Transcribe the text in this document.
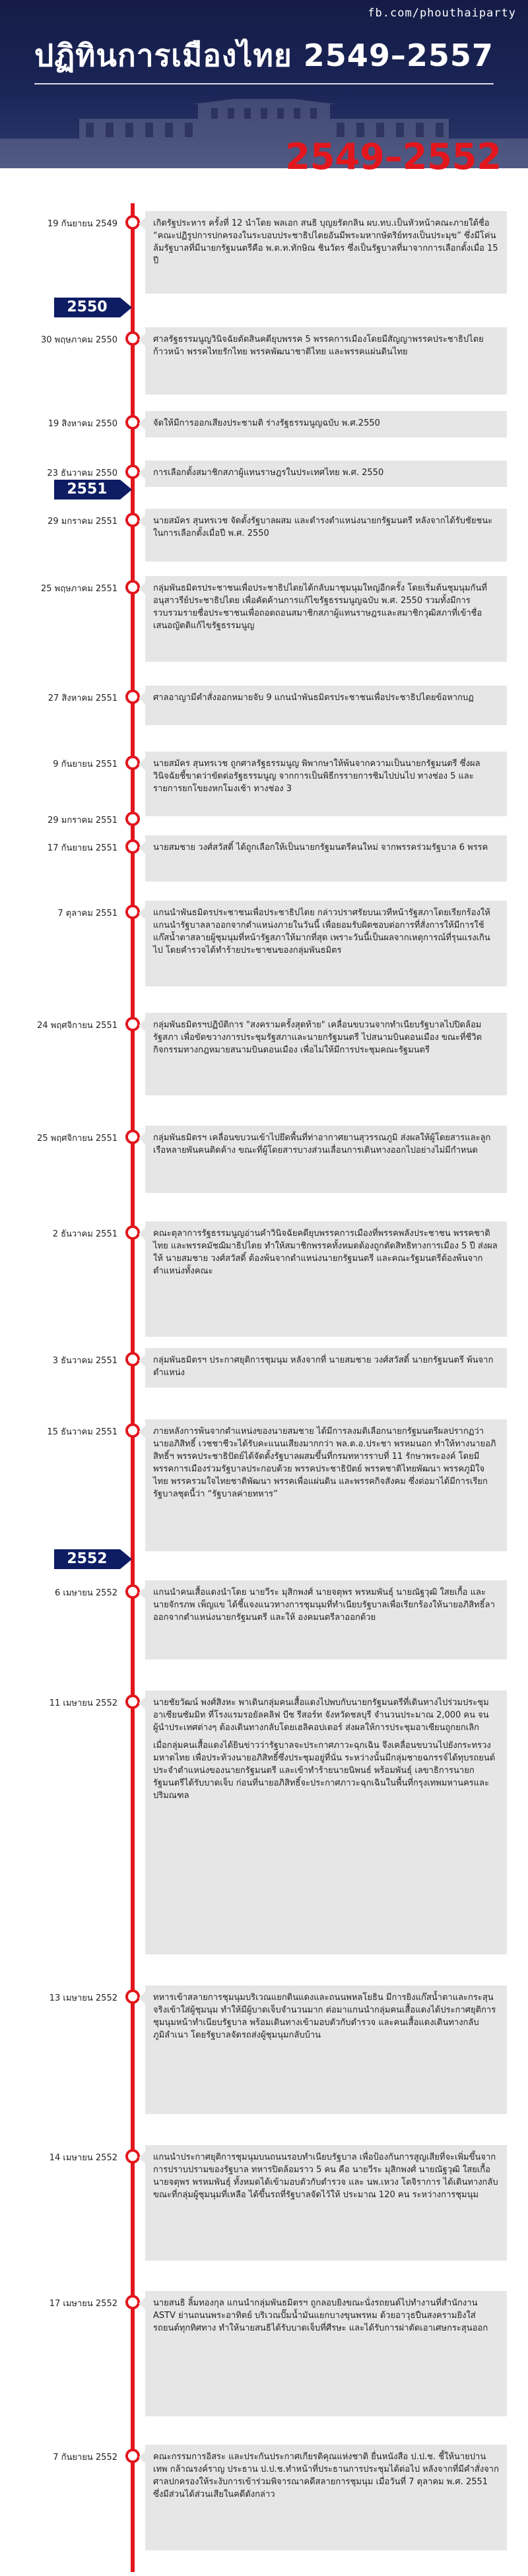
fb.com/phouthaiparty
ปฏิทินการเมืองไทย 2549–2557
2549–2552
2550
2551
2552
19 กันยายน 2549	เกิดรัฐประหาร ครั้งที่ 12 นำโดย พลเอก สนธิ บุญยรัตกลิน ผบ.ทบ.เป็นหัวหน้าคณะภายใต้ชื่อ “คณะปฏิรูปการปกครองในระบอบประชาธิปไตยอันมีพระมหากษัตริย์ทรงเป็นประมุข” ซึ่งมีโค่นล้มรัฐบาลที่มีนายกรัฐมนตรีคือ พ.ต.ท.ทักษิณ ชินวัตร ซึ่งเป็นรัฐบาลที่มาจากการเลือกตั้งเมื่อ 15 ปี

30 พฤษภาคม 2550	ศาลรัฐธรรมนูญวินิจฉัยตัดสินคดียุบพรรค 5 พรรคการเมืองโดยมีสัญญาพรรคประชาธิปไตยก้าวหน้า พรรคไทยรักไทย พรรคพัฒนาชาติไทย และพรรคแผ่นดินไทย

19 สิงหาคม 2550	จัดให้มีการออกเสียงประชามติ ร่างรัฐธรรมนูญฉบับ พ.ศ.2550

23 ธันวาคม 2550	การเลือกตั้งสมาชิกสภาผู้แทนราษฎรในประเทศไทย พ.ศ. 2550

29 มกราคม 2551	นายสมัคร สุนทรเวช จัดตั้งรัฐบาลผสม และดำรงตำแหน่งนายกรัฐมนตรี หลังจากได้รับชัยชนะในการเลือกตั้งเมื่อปี พ.ศ. 2550

25 พฤษภาคม 2551	กลุ่มพันธมิตรประชาชนเพื่อประชาธิปไตยได้กลับมาชุมนุมใหญ่อีกครั้ง โดยเริ่มต้นชุมนุมกันที่อนุสาวรีย์ประชาธิปไตย เพื่อคัดค้านการแก้ไขรัฐธรรมนูญฉบับ พ.ศ. 2550 รวมทั้งมีการรวบรวมรายชื่อประชาชนเพื่อถอดถอนสมาชิกสภาผู้แทนราษฎรและสมาชิกวุฒิสภาที่เข้าชื่อเสนอญัตติแก้ไขรัฐธรรมนูญ

27 สิงหาคม 2551	ศาลอาญามีคำสั่งออกหมายจับ 9 แกนนำพันธมิตรประชาชนเพื่อประชาธิปไตยข้อหากบฏ

9 กันยายน 2551	นายสมัคร สุนทรเวช ถูกศาลรัฐธรรมนูญ พิพากษาให้พ้นจากความเป็นนายกรัฐมนตรี ซึ่งผลวินิจฉัยชี้ขาดว่าขัดต่อรัฐธรรมนูญ จากการเป็นพิธีกรรายการชิมไปบ่นไป ทางช่อง 5 และรายการยกโขยงหกโมงเช้า ทางช่อง 3

29 มกราคม 2551
17 กันยายน 2551	นายสมชาย วงศ์สวัสดิ์ ได้ถูกเลือกให้เป็นนายกรัฐมนตรีคนใหม่ จากพรรคร่วมรัฐบาล 6 พรรค

7 ตุลาคม 2551	แกนนำพันธมิตรประชาชนเพื่อประชาธิปไตย กล่าวปราศรัยบนเวทีหน้ารัฐสภาโดยเรียกร้องให้แกนนำรัฐบาลลาออกจากตำแหน่งภายในวันนี้ เพื่อยอมรับผิดชอบต่อการที่สั่งการให้มีการใช้แก๊สน้ำตาสลายผู้ชุมนุมที่หน้ารัฐสภาให้มากที่สุด เพราะวันนี้เป็นผลจากเหตุการณ์ที่รุนแรงเกินไป โดยคำรวจได้ทำร้ายประชาชนของกลุ่มพันธมิตร

24 พฤศจิกายน 2551	กลุ่มพันธมิตรฯปฏิบัติการ "สงครามครั้งสุดท้าย" เคลื่อนขบวนจากทำเนียบรัฐบาลไปปิดล้อมรัฐสภา เพื่อขัดขวางการประชุมรัฐสภาและนายกรัฐมนตรี ไปสนามบินดอนเมือง ขณะที่ชีวิต กิจกรรมทางกฎหมายสนามบินดอนเมือง เพื่อไม่ให้มีการประชุมคณะรัฐมนตรี

25 พฤศจิกายน 2551	กลุ่มพันธมิตรฯ เคลื่อนขบวนเข้าไปยึดพื้นที่ท่าอากาศยานสุวรรณภูมิ ส่งผลให้ผู้โดยสารและลูกเรือหลายพันคนติดค้าง ขณะที่ผู้โดยสารบางส่วนเลื่อนการเดินทางออกไปอย่างไม่มีกำหนด

2 ธันวาคม 2551	คณะตุลาการรัฐธรรมนูญอ่านคำวินิจฉัยคดียุบพรรคการเมืองที่พรรคพลังประชาชน พรรคชาติไทย และพรรคมัชฌิมาธิปไตย ทำให้สมาชิกพรรคทั้งหมดต้องถูกตัดสิทธิทางการเมือง 5 ปี ส่งผลให้ นายสมชาย วงศ์สวัสดิ์ ต้องพ้นจากตำแหน่งนายกรัฐมนตรี และคณะรัฐมนตรีต้องพ้นจากตำแหน่งทั้งคณะ

3 ธันวาคม 2551	กลุ่มพันธมิตรฯ ประกาศยุติการชุมนุม หลังจากที่ นายสมชาย วงศ์สวัสดิ์ นายกรัฐมนตรี พ้นจากตำแหน่ง

15 ธันวาคม 2551	ภายหลังการพ้นจากตำแหน่งของนายสมชาย ได้มีการลงมติเลือกนายกรัฐมนตรีผลปรากฏว่านายอภิสิทธิ์ เวชชาชีวะได้รับคะแนนเสียงมากกว่า พล.ต.อ.ประชา พรหมนอก ทำให้ทางนายอภิสิทธิ์ฯ พรรคประชาธิปัตย์ได้จัดตั้งรัฐบาลผสมขึ้นที่กรมทหารราบที่ 11 รักษาพระองค์ โดยมีพรรคการเมืองร่วมรัฐบาลประกอบด้วย พรรคประชาธิปัตย์ พรรคชาติไทยพัฒนา พรรคภูมิใจไทย พรรครวมใจไทยชาติพัฒนา พรรคเพื่อแผ่นดิน และพรรคกิจสังคม ซึ่งต่อมาได้มีการเรียกรัฐบาลชุดนี้ว่า “รัฐบาลค่ายทหาร”

6 เมษายน 2552	แกนนำคนเสื้อแดงนำโดย นายวีระ มุสิกพงศ์ นายจตุพร พรหมพันธุ์ นายณัฐวุฒิ ใสยเกื้อ และนายจักรภพ เพ็ญแข ได้ชี้แจงแนวทางการชุมนุมที่ทำเนียบรัฐบาลเพื่อเรียกร้องให้นายอภิสิทธิ์ลาออกจากตำแหน่งนายกรัฐมนตรี และให้ องคมนตรีลาออกด้วย

11 เมษายน 2552	นายชัยวัฒน์ พงศ์สิงหะ พาเดินกลุ่มคนเสื้อแดงไปพบกับนายกรัฐมนตรีที่เดินทางไปร่วมประชุมอาเซียนซัมมิท ที่โรงแรมรอยัลคลิฟ บีช รีสอร์ท จังหวัดชลบุรี จำนวนประมาณ 2,000 คน จนผู้นำประเทศต่างๆ ต้องเดินทางกลับโดยเฮลิคอปเตอร์ ส่งผลให้การประชุมอาเซียนถูกยกเลิก

เมื่อกลุ่มคนเสื้อแดงได้ยินข่าวว่ารัฐบาลจะประกาศภาวะฉุกเฉิน จึงเคลื่อนขบวนไปยังกระทรวงมหาดไทย เพื่อประท้วงนายอภิสิทธิ์ซึ่งประชุมอยู่ที่นั่น ระหว่างนั้นมีกลุ่มชายฉกรรจ์ได้ทุบรถยนต์ประจำตำแหน่งของนายกรัฐมนตรี และเข้าทำร้ายนายนิพนธ์ พร้อมพันธุ์ เลขาธิการนายกรัฐมนตรีได้รับบาดเจ็บ ก่อนที่นายอภิสิทธิ์จะประกาศภาวะฉุกเฉินในพื้นที่กรุงเทพมหานครและปริมณฑล

13 เมษายน 2552	ทหารเข้าสลายการชุมนุมบริเวณแยกดินแดงและถนนพหลโยธิน มีการยิงแก๊สน้ำตาและกระสุนจริงเข้าใส่ผู้ชุมนุม ทำให้มีผู้บาดเจ็บจำนวนมาก ต่อมาแกนนำกลุ่มคนเสื้อแดงได้ประกาศยุติการชุมนุมหน้าทำเนียบรัฐบาล พร้อมเดินทางเข้ามอบตัวกับตำรวจ และคนเสื้อแดงเดินทางกลับภูมิลำเนา โดยรัฐบาลจัดรถส่งผู้ชุมนุมกลับบ้าน

14 เมษายน 2552	แกนนำประกาศยุติการชุมนุมบนถนนรอบทำเนียบรัฐบาล เพื่อป้องกันการสูญเสียที่จะเพิ่มขึ้นจากการปราบปรามของรัฐบาล ทหารปิดล้อมราว 5 คน คือ นายวีระ มุสิกพงศ์ นายณัฐวุฒิ ใสยเกื้อ นายจตุพร พรหมพันธุ์ ทั้งหมดได้เข้ามอบตัวกับตำรวจ และ นพ.เหวง โตจิราการ ได้เดินทางกลับ ขณะที่กลุ่มผู้ชุมนุมที่เหลือ ได้ขึ้นรถที่รัฐบาลจัดไว้ให้ ประมาณ 120 คน ระหว่างการชุมนุม

17 เมษายน 2552	นายสนธิ ลิ้มทองกุล แกนนำกลุ่มพันธมิตรฯ ถูกลอบยิงขณะนั่งรถยนต์ไปทำงานที่สำนักงาน ASTV ย่านถนนพระอาทิตย์ บริเวณปั๊มน้ำมันแยกบางขุนพรหม ด้วยอาวุธปืนสงครามยิงใส่รถยนต์ทุกทิศทาง ทำให้นายสนธิได้รับบาดเจ็บที่ศีรษะ และได้รับการผ่าตัดเอาเศษกระสุนออก

7 กันยายน 2552	คณะกรรมการอิสระ และประกันประกาศเกียรติคุณแห่งชาติ ยื่นหนังสือ ป.ป.ช. ชี้ให้นายปานเทพ กล้าณรงค์ราญ ประธาน ป.ป.ช.ทำหน้าที่ประธานการประชุมได้ต่อไป หลังจากที่มีคำสั่งจากศาลปกครองให้ระงับการเข้าร่วมพิจารณาคดีสลายการชุมนุม เมื่อวันที่ 7 ตุลาคม พ.ศ. 2551 ซึ่งมีส่วนได้ส่วนเสียในคดีดังกล่าว
